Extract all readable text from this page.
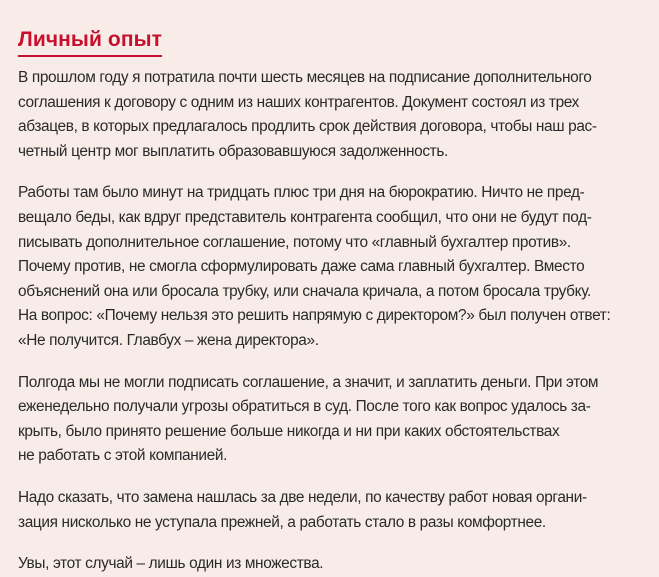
Личный опыт
В прошлом году я потратила почти шесть месяцев на подписание дополнительного
соглашения к договору с одним из наших контрагентов. Документ состоял из трех
абзацев, в которых предлагалось продлить срок действия договора, чтобы наш рас-
четный центр мог выплатить образовавшуюся задолженность.
Работы там было минут на тридцать плюс три дня на бюрократию. Ничто не пред-
вещало беды, как вдруг представитель контрагента сообщил, что они не будут под-
писывать дополнительное соглашение, потому что «главный бухгалтер против».
Почему против, не смогла сформулировать даже сама главный бухгалтер. Вместо
объяснений она или бросала трубку, или сначала кричала, а потом бросала трубку.
На вопрос: «Почему нельзя это решить напрямую с директором?» был получен ответ:
«Не получится. Главбух – жена директора».
Полгода мы не могли подписать соглашение, а значит, и заплатить деньги. При этом
еженедельно получали угрозы обратиться в суд. После того как вопрос удалось за-
крыть, было принято решение больше никогда и ни при каких обстоятельствах
не работать с этой компанией.
Надо сказать, что замена нашлась за две недели, по качеству работ новая органи-
зация нисколько не уступала прежней, а работать стало в разы комфортнее.
Увы, этот случай – лишь один из множества.
